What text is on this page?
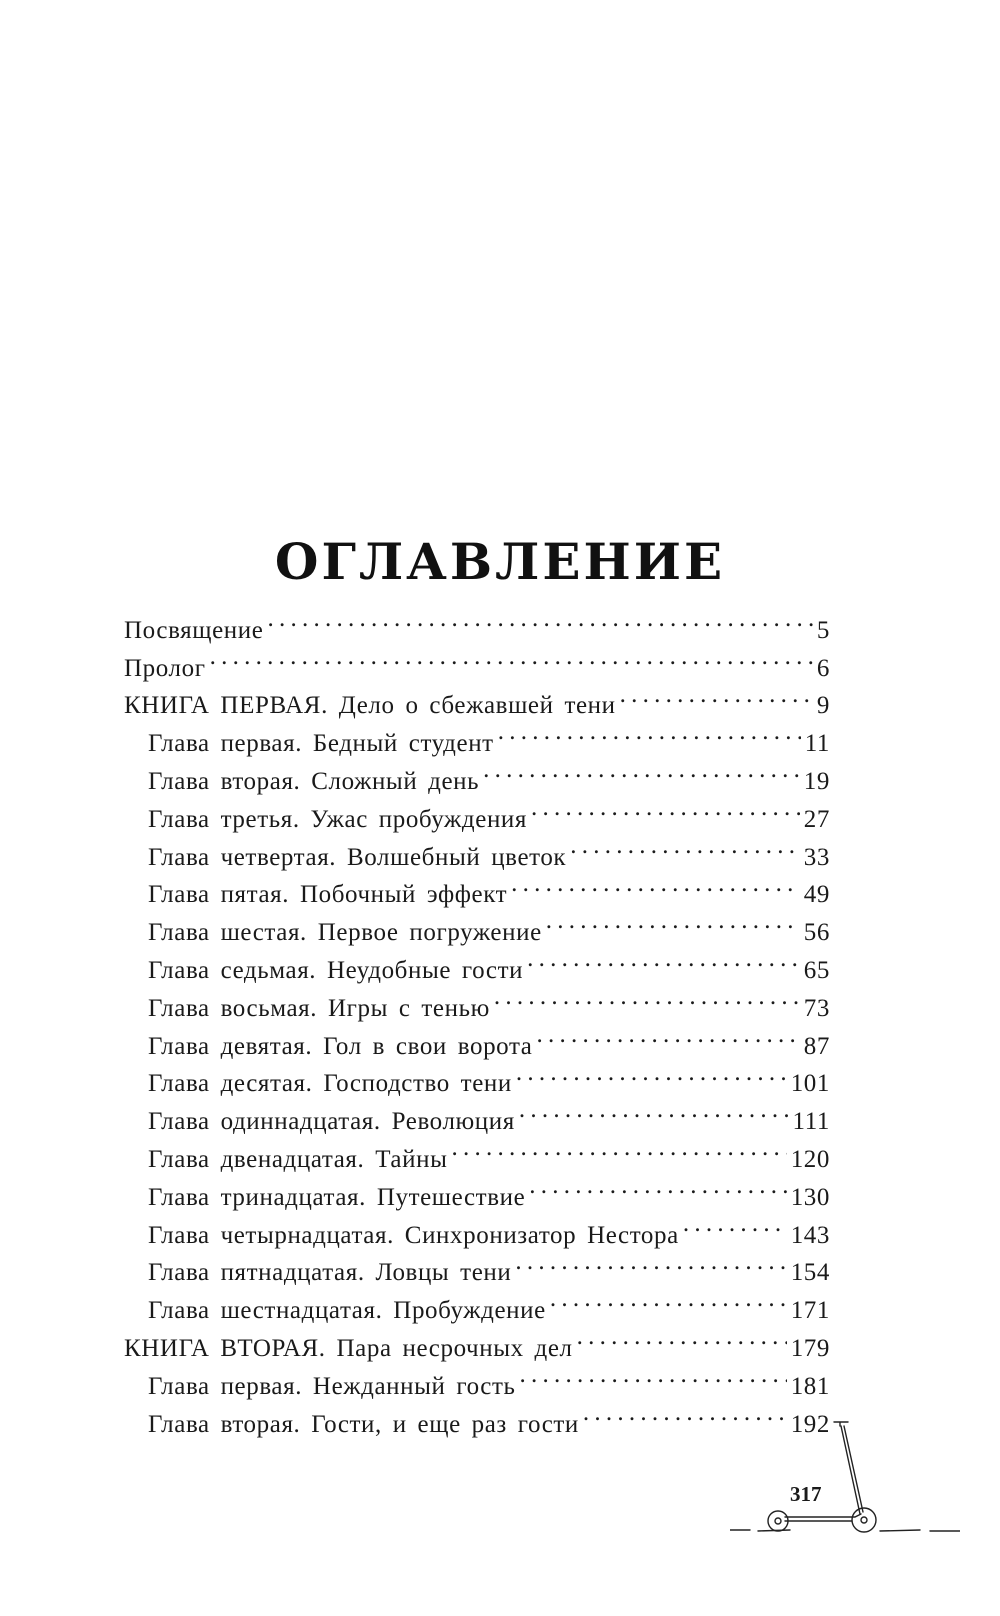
ОГЛАВЛЕНИЕ
Посвящение . . .	5
Пролог . . .	6
КНИГА ПЕРВАЯ. Дело о сбежавшей тени . . .	9
Глава первая. Бедный студент . . .	11
Глава вторая. Сложный день . . .	19
Глава третья. Ужас пробуждения . . .	27
Глава четвертая. Волшебный цветок . . .	33
Глава пятая. Побочный эффект . . .	49
Глава шестая. Первое погружение . . .	56
Глава седьмая. Неудобные гости . . .	65
Глава восьмая. Игры с тенью . . .	73
Глава девятая. Гол в свои ворота . . .	87
Глава десятая. Господство тени . . .	101
Глава одиннадцатая. Революция . . .	111
Глава двенадцатая. Тайны . . .	120
Глава тринадцатая. Путешествие . . .	130
Глава четырнадцатая. Синхронизатор Нестора . . .	143
Глава пятнадцатая. Ловцы тени . . .	154
Глава шестнадцатая. Пробуждение . . .	171
КНИГА ВТОРАЯ. Пара несрочных дел . . .	179
Глава первая. Нежданный гость . . .	181
Глава вторая. Гости, и еще раз гости . . .	192
317
